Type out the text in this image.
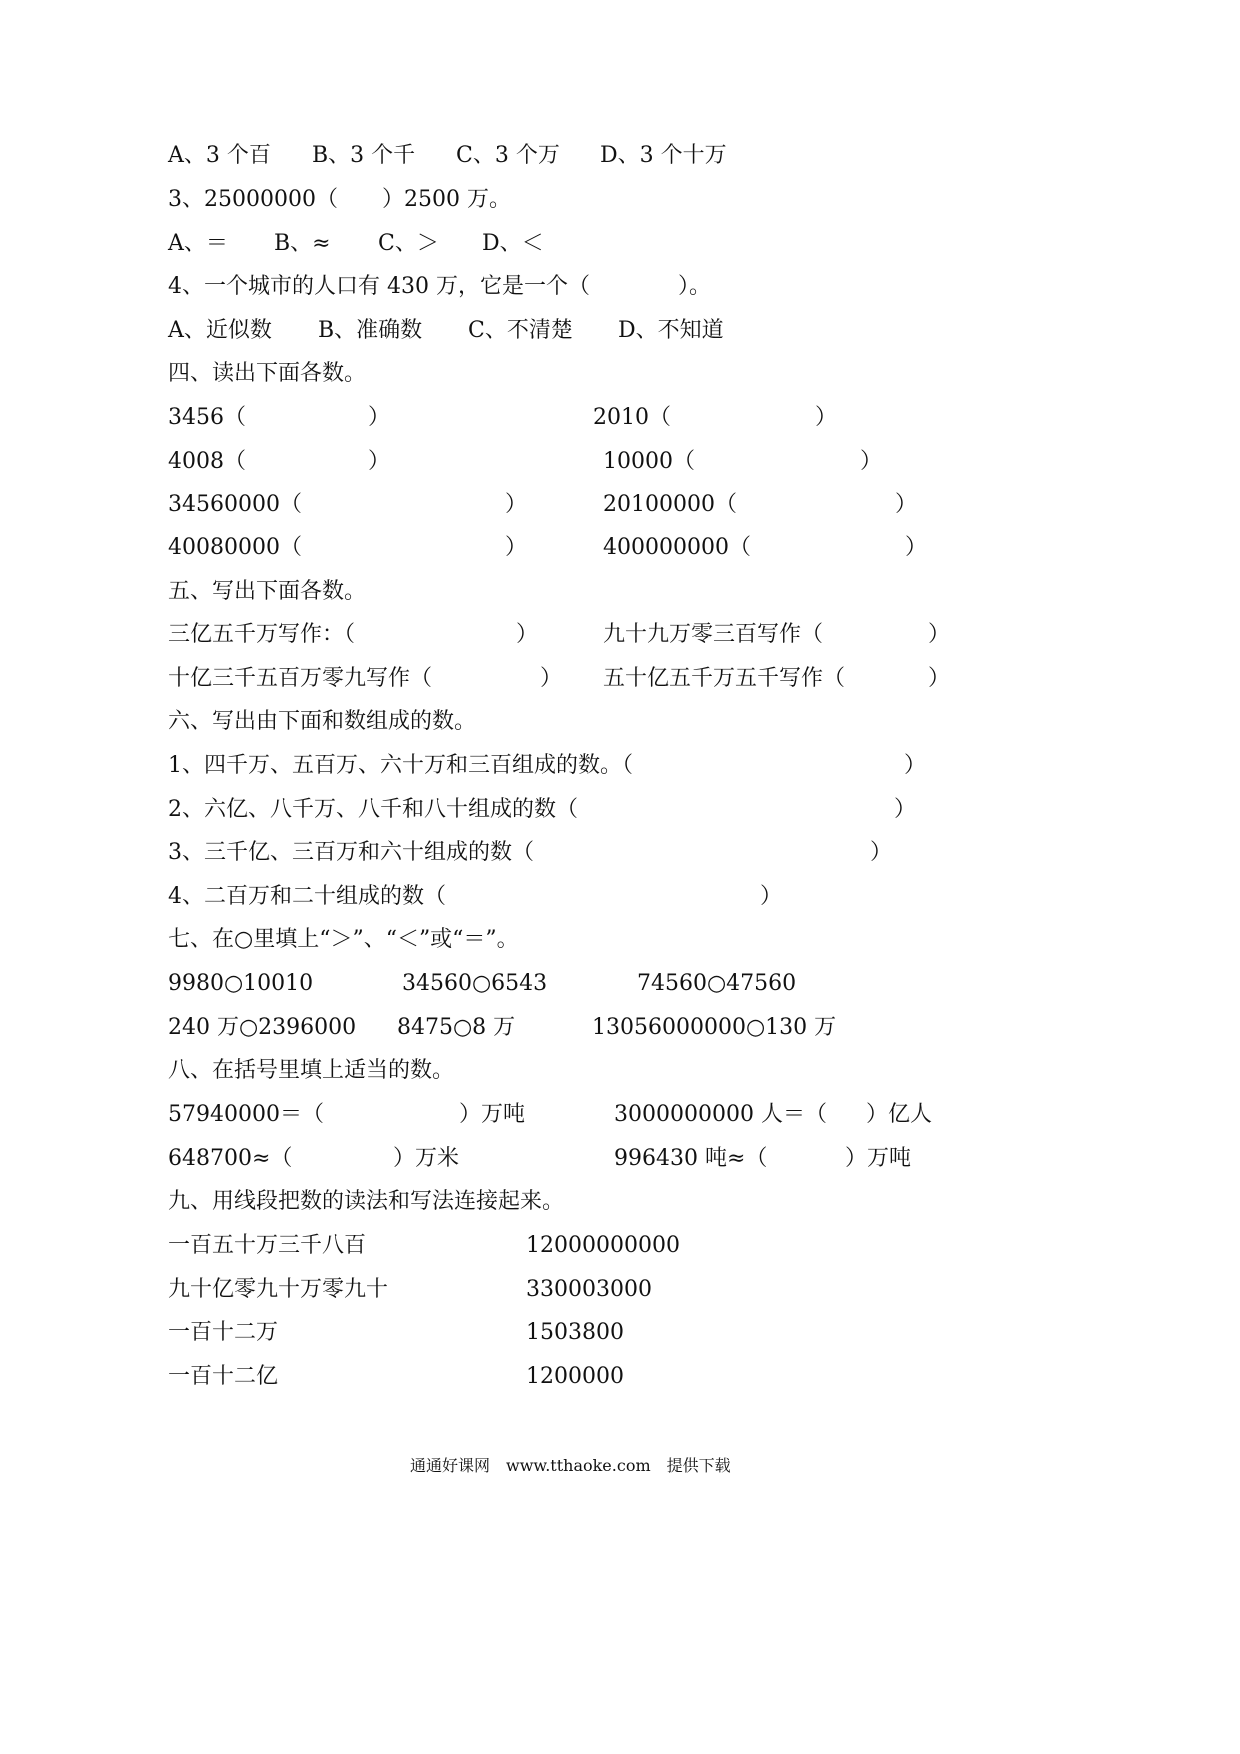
A、3 个百 B、3 个千 C、3 个万 D、3 个十万
3、25000000（　　）2500 万。
A、＝ B、≈ C、＞ D、＜
4、一个城市的人口有 430 万，它是一个（　　　　）。
A、近似数 B、准确数 C、不清楚 D、不知道
四、读出下面各数。
3456（	）	2010（	）
4008（	）	10000（	）
34560000（	）	20100000（	）
40080000（	）	400000000（	）
五、写出下面各数。
三亿五千万写作：（	）	九十九万零三百写作（	）
十亿三千五百万零九写作（	） 五十亿五千万五千写作（	）
六、写出由下面和数组成的数。
1、四千万、五百万、六十万和三百组成的数。（	）
2、六亿、八千万、八千和八十组成的数（	）
3、三千亿、三百万和六十组成的数（	）
4、二百万和二十组成的数（	）
七、在○里填上“＞”、“＜”或“＝”。
9980○10010	34560○6543	74560○47560
240 万○2396000 8475○8 万	13056000000○130 万
八、在括号里填上适当的数。
57940000＝（	）万吨	3000000000 人＝（ ）亿人
648700≈（	）万米	996430 吨≈（	）万吨
九、用线段把数的读法和写法连接起来。
一百五十万三千八百	12000000000
九十亿零九十万零九十	330003000
一百十二万	1503800
一百十二亿	1200000
通通好课网　www.tthaoke.com　提供下载
